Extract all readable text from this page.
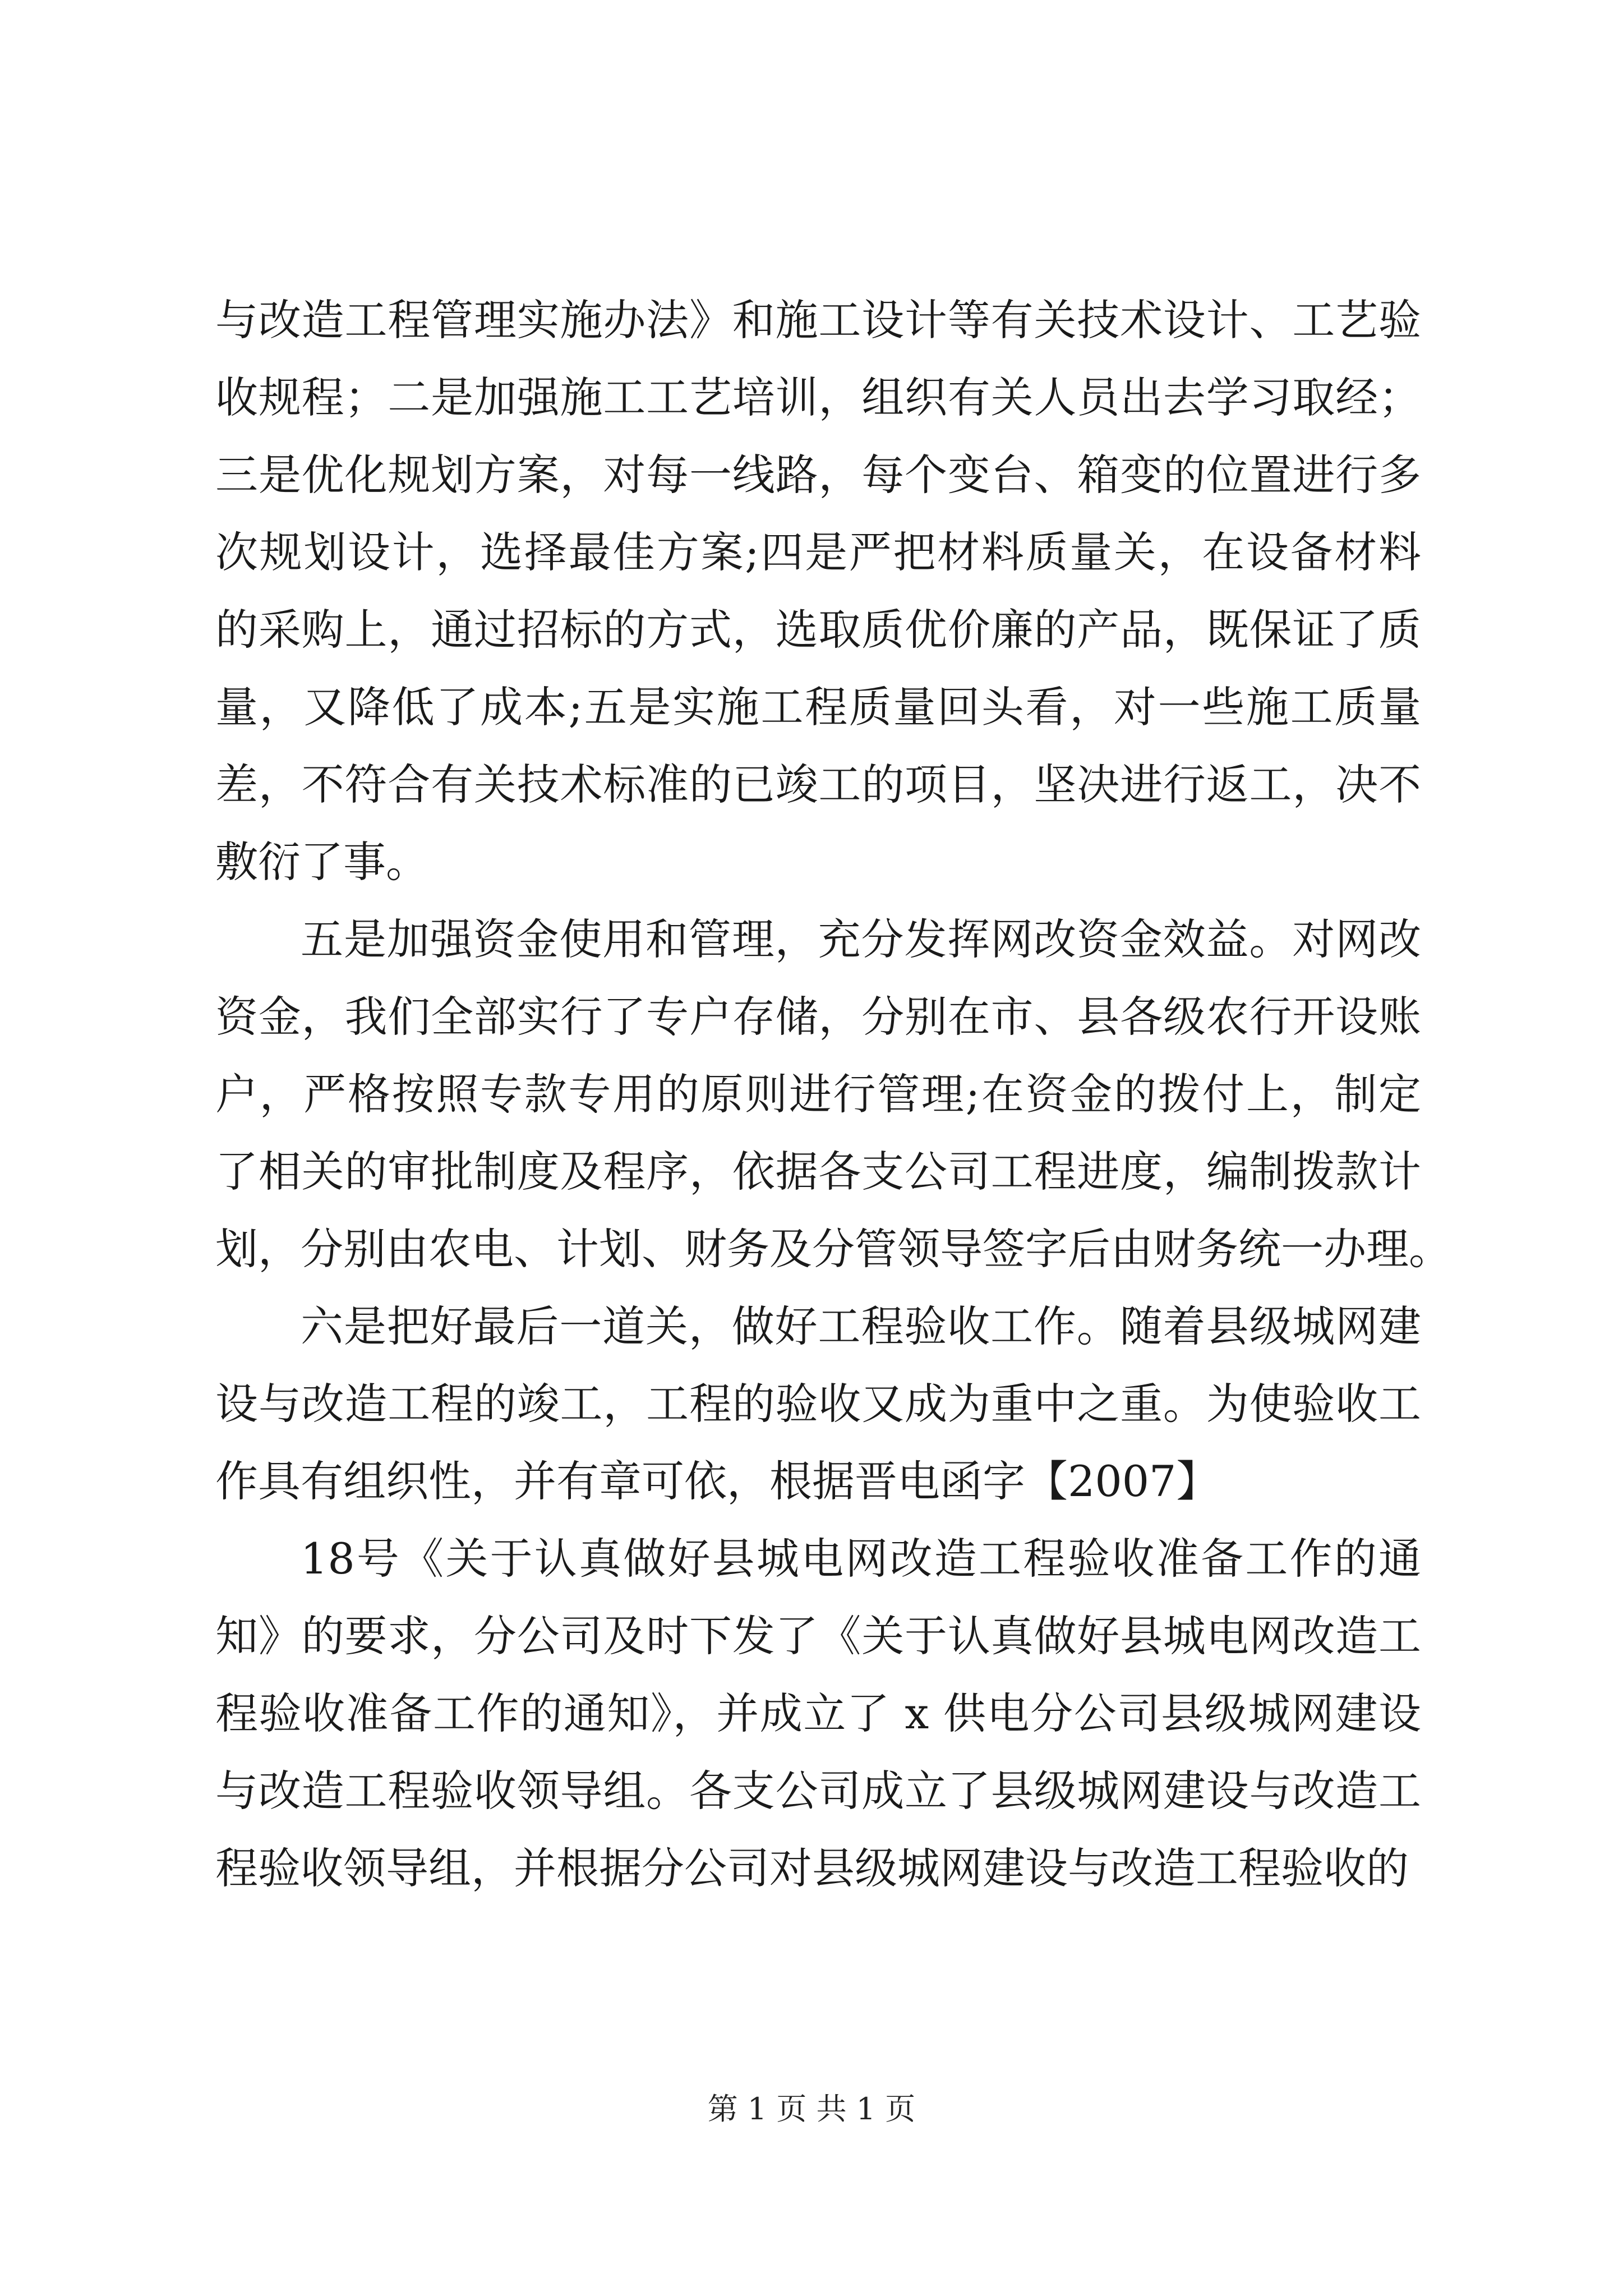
与改造工程管理实施办法》和施工设计等有关技术设计、工艺验
收规程；二是加强施工工艺培训，组织有关人员出去学习取经；
三是优化规划方案，对每一线路，每个变台、箱变的位置进行多
次规划设计，选择最佳方案;四是严把材料质量关，在设备材料
的采购上，通过招标的方式，选取质优价廉的产品，既保证了质
量，又降低了成本;五是实施工程质量回头看，对一些施工质量
差，不符合有关技术标准的已竣工的项目，坚决进行返工，决不
敷衍了事。
五是加强资金使用和管理，充分发挥网改资金效益。对网改
资金，我们全部实行了专户存储，分别在市、县各级农行开设账
户，严格按照专款专用的原则进行管理;在资金的拨付上，制定
了相关的审批制度及程序，依据各支公司工程进度，编制拨款计
划，分别由农电、计划、财务及分管领导签字后由财务统一办理。
六是把好最后一道关，做好工程验收工作。随着县级城网建
设与改造工程的竣工，工程的验收又成为重中之重。为使验收工
作具有组织性，并有章可依，根据晋电函字【2007】
18号《关于认真做好县城电网改造工程验收准备工作的通
知》的要求，分公司及时下发了《关于认真做好县城电网改造工
程验收准备工作的通知》，并成立了 x 供电分公司县级城网建设
与改造工程验收领导组。各支公司成立了县级城网建设与改造工
程验收领导组，并根据分公司对县级城网建设与改造工程验收的
第 1 页 共 1 页
